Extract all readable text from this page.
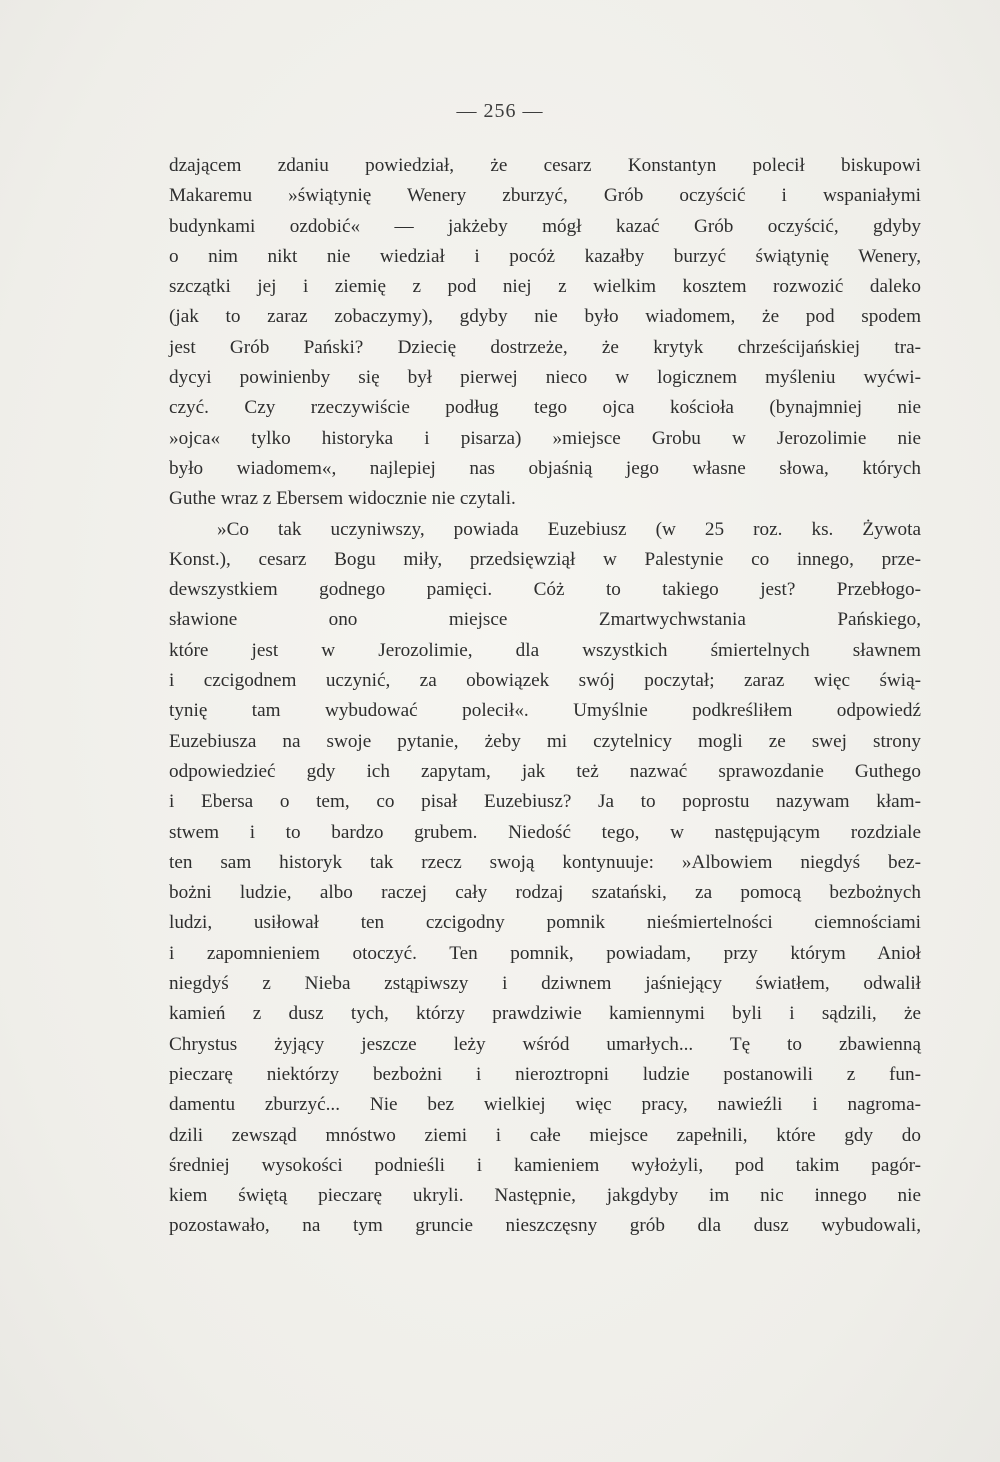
— 256 —
dzającem zdaniu powiedział, że cesarz Konstantyn polecił biskupowi
Makaremu »świątynię Wenery zburzyć, Grób oczyścić i wspaniałymi
budynkami ozdobić« — jakżeby mógł kazać Grób oczyścić, gdyby
o nim nikt nie wiedział i pocóż kazałby burzyć świątynię Wenery,
szczątki jej i ziemię z pod niej z wielkim kosztem rozwozić daleko
(jak to zaraz zobaczymy), gdyby nie było wiadomem, że pod spodem
jest Grób Pański? Dziecię dostrzeże, że krytyk chrześcijańskiej tra-
dycyi powinienby się był pierwej nieco w logicznem myśleniu wyćwi-
czyć. Czy rzeczywiście podług tego ojca kościoła (bynajmniej nie
»ojca« tylko historyka i pisarza) »miejsce Grobu w Jerozolimie nie
było wiadomem«, najlepiej nas objaśnią jego własne słowa, których
Guthe wraz z Ebersem widocznie nie czytali.
»Co tak uczyniwszy, powiada Euzebiusz (w 25 roz. ks. Żywota
Konst.), cesarz Bogu miły, przedsięwziął w Palestynie co innego, prze-
dewszystkiem godnego pamięci. Cóż to takiego jest? Przebłogo-
sławione ono miejsce Zmartwychwstania Pańskiego,
które jest w Jerozolimie, dla wszystkich śmiertelnych sławnem
i czcigodnem uczynić, za obowiązek swój poczytał; zaraz więc świą-
tynię tam wybudować polecił«. Umyślnie podkreśliłem odpowiedź
Euzebiusza na swoje pytanie, żeby mi czytelnicy mogli ze swej strony
odpowiedzieć gdy ich zapytam, jak też nazwać sprawozdanie Guthego
i Ebersa o tem, co pisał Euzebiusz? Ja to poprostu nazywam kłam-
stwem i to bardzo grubem. Niedość tego, w następującym rozdziale
ten sam historyk tak rzecz swoją kontynuuje: »Albowiem niegdyś bez-
bożni ludzie, albo raczej cały rodzaj szatański, za pomocą bezbożnych
ludzi, usiłował ten czcigodny pomnik nieśmiertelności ciemnościami
i zapomnieniem otoczyć. Ten pomnik, powiadam, przy którym Anioł
niegdyś z Nieba zstąpiwszy i dziwnem jaśniejący światłem, odwalił
kamień z dusz tych, którzy prawdziwie kamiennymi byli i sądzili, że
Chrystus żyjący jeszcze leży wśród umarłych... Tę to zbawienną
pieczarę niektórzy bezbożni i nieroztropni ludzie postanowili z fun-
damentu zburzyć... Nie bez wielkiej więc pracy, nawieźli i nagroma-
dzili zewsząd mnóstwo ziemi i całe miejsce zapełnili, które gdy do
średniej wysokości podnieśli i kamieniem wyłożyli, pod takim pagór-
kiem świętą pieczarę ukryli. Następnie, jakgdyby im nic innego nie
pozostawało, na tym gruncie nieszczęsny grób dla dusz wybudowali,
